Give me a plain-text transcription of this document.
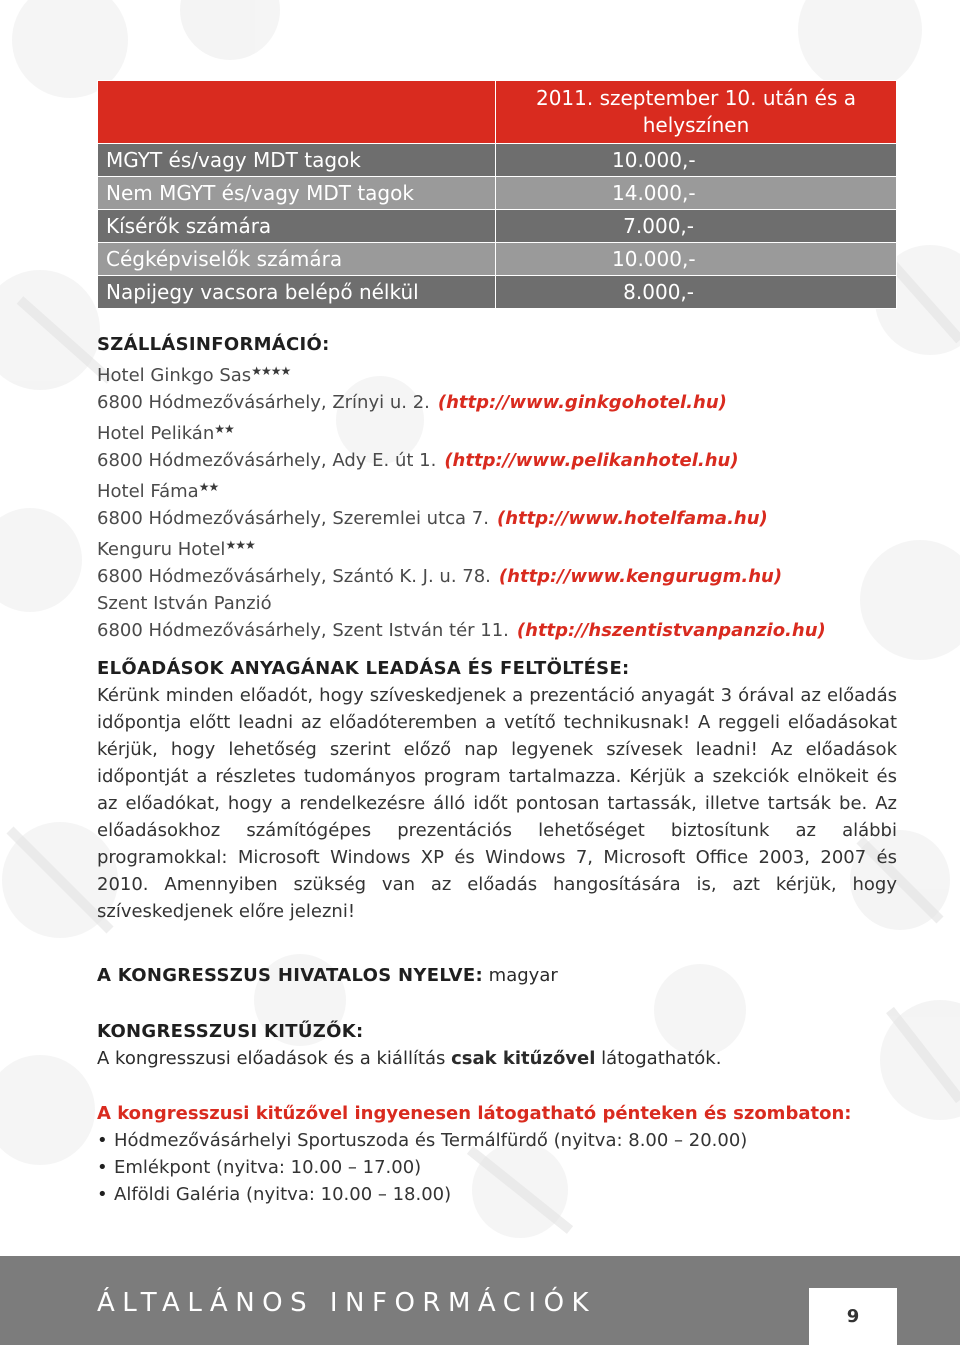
	2011. szeptember 10. után és a helyszínen
MGYT és/vagy MDT tagok	10.000,-
Nem MGYT és/vagy MDT tagok	14.000,-
Kísérők számára	7.000,-
Cégképviselők számára	10.000,-
Napijegy vacsora belépő nélkül	8.000,-
SZÁLLÁSINFORMÁCIÓ:
Hotel Ginkgo Sas★★★★
6800 Hódmezővásárhely, Zrínyi u. 2. (http://www.ginkgohotel.hu)
Hotel Pelikán★★
6800 Hódmezővásárhely, Ady E. út 1. (http://www.pelikanhotel.hu)
Hotel Fáma★★
6800 Hódmezővásárhely, Szeremlei utca 7. (http://www.hotelfama.hu)
Kenguru Hotel★★★
6800 Hódmezővásárhely, Szántó K. J. u. 78. (http://www.kengurugm.hu)
Szent István Panzió
6800 Hódmezővásárhely, Szent István tér 11. (http://hszentistvanpanzio.hu)
ELŐADÁSOK ANYAGÁNAK LEADÁSA ÉS FELTÖLTÉSE:
Kérünk minden előadót, hogy szíveskedjenek a prezentáció anyagát 3 órával az előadás időpontja előtt leadni az előadóteremben a vetítő technikusnak! A reggeli előadásokat kérjük, hogy lehetőség szerint előző nap legyenek szívesek leadni! Az előadások időpontját a részletes tudományos program tartalmazza. Kérjük a szekciók elnökeit és az előadókat, hogy a rendelkezésre álló időt pontosan tartassák, illetve tartsák be. Az előadásokhoz számítógépes prezentációs lehetőséget biztosítunk az alábbi programokkal: Microsoft Windows XP és Windows 7, Microsoft Office 2003, 2007 és 2010. Amennyiben szükség van az előadás hangosítására is, azt kérjük, hogy szíveskedjenek előre jelezni!
A KONGRESSZUS HIVATALOS NYELVE: magyar
KONGRESSZUSI KITŰZŐK:
A kongresszusi előadások és a kiállítás csak kitűzővel látogathatók.
A kongresszusi kitűzővel ingyenesen látogatható pénteken és szombaton:
• Hódmezővásárhelyi Sportuszoda és Termálfürdő (nyitva: 8.00 – 20.00)
• Emlékpont (nyitva: 10.00 – 17.00)
• Alföldi Galéria (nyitva: 10.00 – 18.00)
ÁLTALÁNOS INFORMÁCIÓK	9
